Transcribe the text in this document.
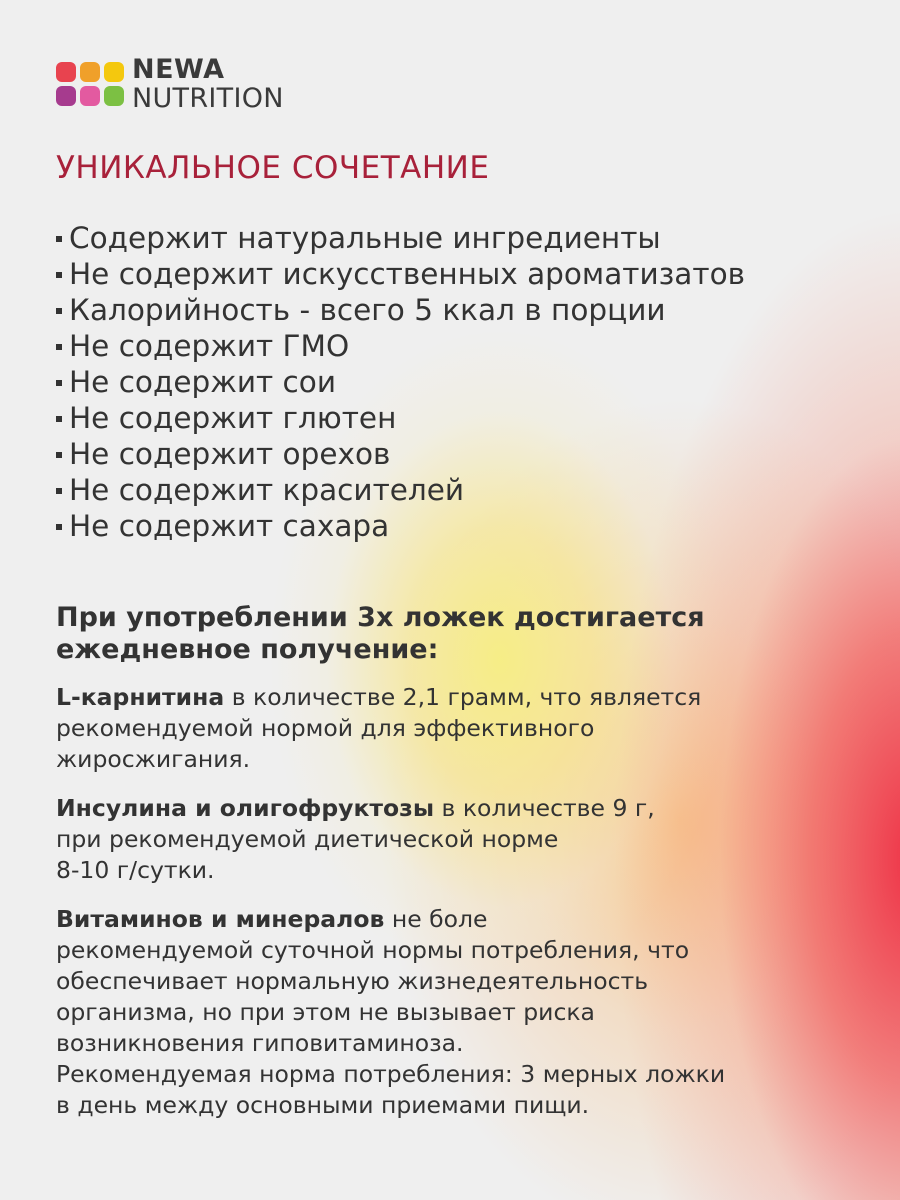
NEWA
NUTRITION
УНИКАЛЬНОЕ СОЧЕТАНИЕ
Содержит натуральные ингредиенты
Не содержит искусственных ароматизатов
Калорийность - всего 5 ккал в порции
Не содержит ГМО
Не содержит сои
Не содержит глютен
Не содержит орехов
Не содержит красителей
Не содержит сахара
При употреблении 3х ложек достигается
ежедневное получение:

L-карнитина в количестве 2,1 грамм, что является
рекомендуемой нормой для эффективного
жиросжигания.

Инсулина и олигофруктозы в количестве 9 г,
при рекомендуемой диетической норме
8-10 г/сутки.

Витаминов и минералов не боле
рекомендуемой суточной нормы потребления, что
обеспечивает нормальную жизнедеятельность
организма, но при этом не вызывает риска
возникновения гиповитаминоза.
Рекомендуемая норма потребления: 3 мерных ложки
в день между основными приемами пищи.
